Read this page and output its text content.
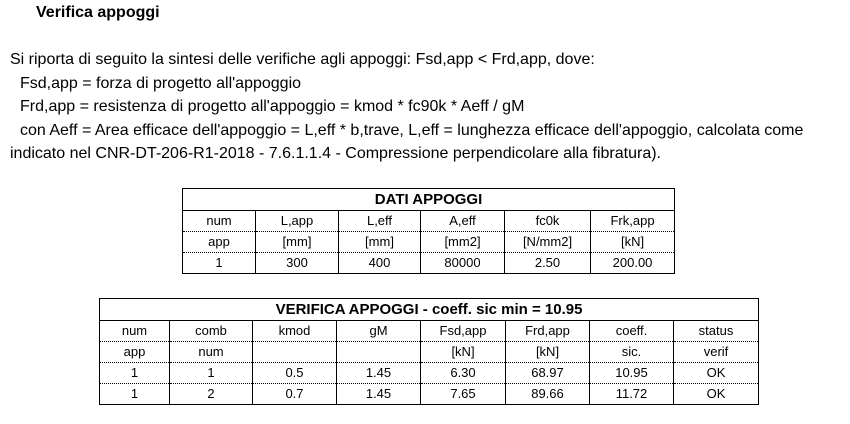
Verifica appoggi
Si riporta di seguito la sintesi delle verifiche agli appoggi: Fsd,app < Frd,app, dove:
Fsd,app = forza di progetto all'appoggio
Frd,app = resistenza di progetto all'appoggio = kmod * fc90k * Aeff / gM
con Aeff = Area efficace dell'appoggio = L,eff * b,trave, L,eff = lunghezza efficace dell'appoggio, calcolata come
indicato nel CNR-DT-206-R1-2018 - 7.6.1.1.4 - Compressione perpendicolare alla fibratura).
DATI APPOGGI					
num	L,app	L,eff	A,eff	fc0k	Frk,app
app	[mm]	[mm]	[mm2]	[N/mm2]	[kN]
1	300	400	80000	2.50	200.00
VERIFICA APPOGGI - coeff. sic min = 10.95							
num	comb	kmod	gM	Fsd,app	Frd,app	coeff.	status
app	num			[kN]	[kN]	sic.	verif
1	1	0.5	1.45	6.30	68.97	10.95	OK
1	2	0.7	1.45	7.65	89.66	11.72	OK
